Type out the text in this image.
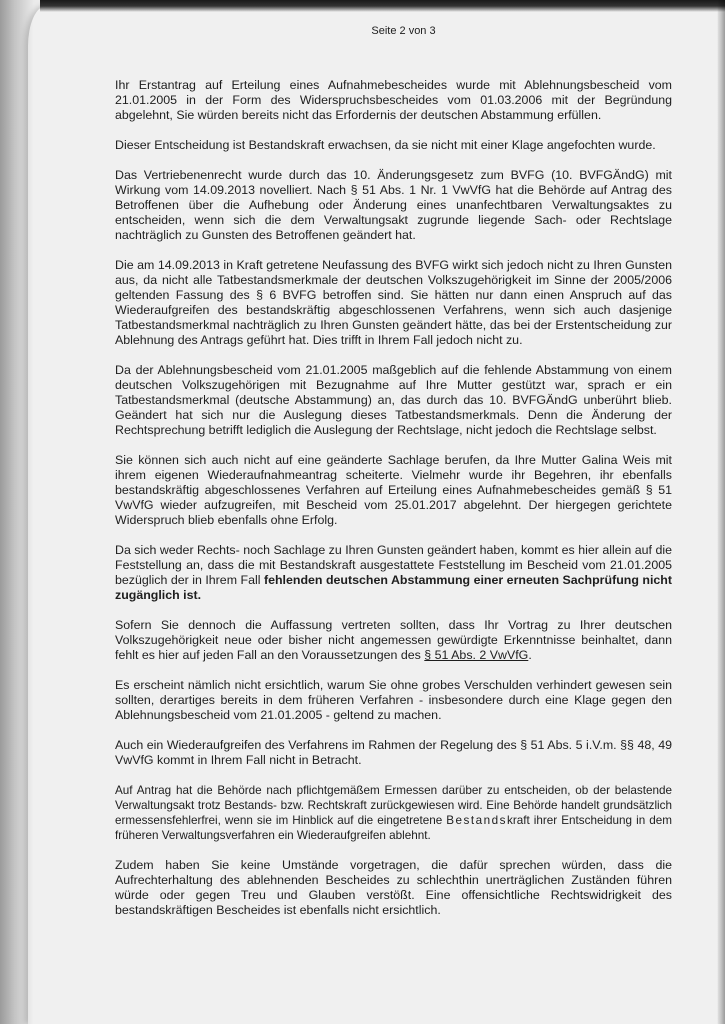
Seite 2 von 3

Ihr Erstantrag auf Erteilung eines Aufnahmebescheides wurde mit Ablehnungsbescheid vom 21.01.2005 in der Form des Widerspruchsbescheides vom 01.03.2006 mit der Begründung abgelehnt, Sie würden bereits nicht das Erfordernis der deutschen Abstammung erfüllen.

Dieser Entscheidung ist Bestandskraft erwachsen, da sie nicht mit einer Klage angefochten wurde.

Das Vertriebenenrecht wurde durch das 10. Änderungsgesetz zum BVFG (10. BVFGÄndG) mit Wirkung vom 14.09.2013 novelliert. Nach § 51 Abs. 1 Nr. 1 VwVfG hat die Behörde auf Antrag des Betroffenen über die Aufhebung oder Änderung eines unanfechtbaren Verwaltungsaktes zu entscheiden, wenn sich die dem Verwaltungsakt zugrunde liegende Sach- oder Rechtslage nachträglich zu Gunsten des Betroffenen geändert hat.

Die am 14.09.2013 in Kraft getretene Neufassung des BVFG wirkt sich jedoch nicht zu Ihren Gunsten aus, da nicht alle Tatbestandsmerkmale der deutschen Volkszugehörigkeit im Sinne der 2005/2006 geltenden Fassung des § 6 BVFG betroffen sind. Sie hätten nur dann einen Anspruch auf das Wiederaufgreifen des bestandskräftig abgeschlossenen Verfahrens, wenn sich auch dasjenige Tatbestandsmerkmal nachträglich zu Ihren Gunsten geändert hätte, das bei der Erstentscheidung zur Ablehnung des Antrags geführt hat. Dies trifft in Ihrem Fall jedoch nicht zu.

Da der Ablehnungsbescheid vom 21.01.2005 maßgeblich auf die fehlende Abstammung von einem deutschen Volkszugehörigen mit Bezugnahme auf Ihre Mutter gestützt war, sprach er ein Tatbestandsmerkmal (deutsche Abstammung) an, das durch das 10. BVFGÄndG unberührt blieb. Geändert hat sich nur die Auslegung dieses Tatbestandsmerkmals. Denn die Änderung der Rechtsprechung betrifft lediglich die Auslegung der Rechtslage, nicht jedoch die Rechtslage selbst.

Sie können sich auch nicht auf eine geänderte Sachlage berufen, da Ihre Mutter Galina Weis mit ihrem eigenen Wiederaufnahmeantrag scheiterte. Vielmehr wurde ihr Begehren, ihr ebenfalls bestandskräftig abgeschlossenes Verfahren auf Erteilung eines Aufnahmebescheides gemäß § 51 VwVfG wieder aufzugreifen, mit Bescheid vom 25.01.2017 abgelehnt. Der hiergegen gerichtete Widerspruch blieb ebenfalls ohne Erfolg.

Da sich weder Rechts- noch Sachlage zu Ihren Gunsten geändert haben, kommt es hier allein auf die Feststellung an, dass die mit Bestandskraft ausgestattete Feststellung im Bescheid vom 21.01.2005 bezüglich der in Ihrem Fall fehlenden deutschen Abstammung einer erneuten Sachprüfung nicht zugänglich ist.

Sofern Sie dennoch die Auffassung vertreten sollten, dass Ihr Vortrag zu Ihrer deutschen Volkszugehörigkeit neue oder bisher nicht angemessen gewürdigte Erkenntnisse beinhaltet, dann fehlt es hier auf jeden Fall an den Voraussetzungen des § 51 Abs. 2 VwVfG.

Es erscheint nämlich nicht ersichtlich, warum Sie ohne grobes Verschulden verhindert gewesen sein sollten, derartiges bereits in dem früheren Verfahren - insbesondere durch eine Klage gegen den Ablehnungsbescheid vom 21.01.2005 - geltend zu machen.

Auch ein Wiederaufgreifen des Verfahrens im Rahmen der Regelung des § 51 Abs. 5 i.V.m. §§ 48, 49 VwVfG kommt in Ihrem Fall nicht in Betracht.

Auf Antrag hat die Behörde nach pflichtgemäßem Ermessen darüber zu entscheiden, ob der belastende Verwaltungsakt trotz Bestands- bzw. Rechtskraft zurückgewiesen wird. Eine Behörde handelt grundsätzlich ermessensfehlerfrei, wenn sie im Hinblick auf die eingetretene Bestandskraft ihrer Entscheidung in dem früheren Verwaltungsverfahren ein Wiederaufgreifen ablehnt.

Zudem haben Sie keine Umstände vorgetragen, die dafür sprechen würden, dass die Aufrechterhaltung des ablehnenden Bescheides zu schlechthin unerträglichen Zuständen führen würde oder gegen Treu und Glauben verstößt. Eine offensichtliche Rechtswidrigkeit des bestandskräftigen Bescheides ist ebenfalls nicht ersichtlich.
